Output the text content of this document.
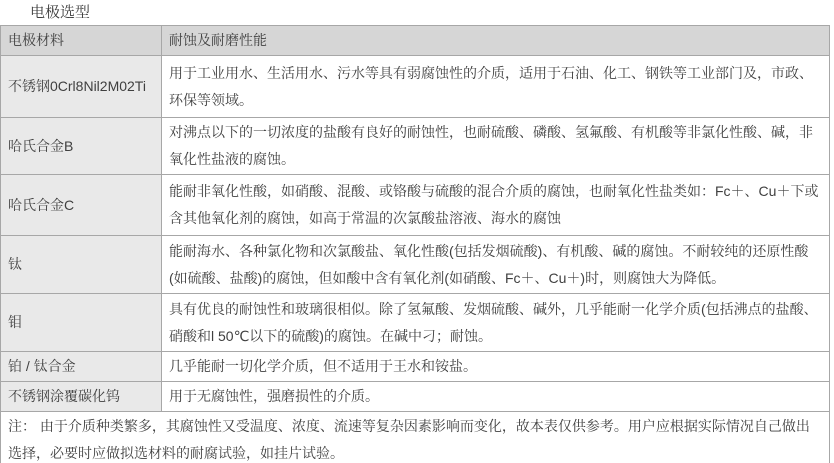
电极选型
电极材料	耐蚀及耐磨性能
不锈钢0Crl8Nil2M02Ti	用于工业用水、生活用水、污水等具有弱腐蚀性的介质，适用于石油、化工、钢铁等工业部门及，市政、环保等领域。
哈氏合金B	对沸点以下的一切浓度的盐酸有良好的耐蚀性，也耐硫酸、磷酸、氢氟酸、有机酸等非氯化性酸、碱，非氧化性盐液的腐蚀。
哈氏合金C	能耐非氧化性酸，如硝酸、混酸、或铬酸与硫酸的混合介质的腐蚀，也耐氧化性盐类如：Fc＋、Cu＋下或含其他氧化剂的腐蚀，如高于常温的次氯酸盐溶液、海水的腐蚀
钛	能耐海水、各种氯化物和次氯酸盐、氧化性酸(包括发烟硫酸)、有机酸、碱的腐蚀。不耐较纯的还原性酸(如硫酸、盐酸)的腐蚀，但如酸中含有氧化剂(如硝酸、Fc＋、Cu＋)时，则腐蚀大为降低。
钼	具有优良的耐蚀性和玻璃很相似。除了氢氟酸、发烟硫酸、碱外，几乎能耐一化学介质(包括沸点的盐酸、硝酸和l 50℃以下的硫酸)的腐蚀。在碱中刁；耐蚀。
铂 / 钛合金	几乎能耐一切化学介质，但不适用于王水和铵盐。
不锈钢涂覆碳化钨	用于无腐蚀性，强磨损性的介质。
注： 由于介质种类繁多，其腐蚀性又受温度、浓度、流速等复杂因素影响而变化，故本表仅供参考。用户应根据实际情况自己做出选择，必要时应做拟选材料的耐腐试验，如挂片试验。	
